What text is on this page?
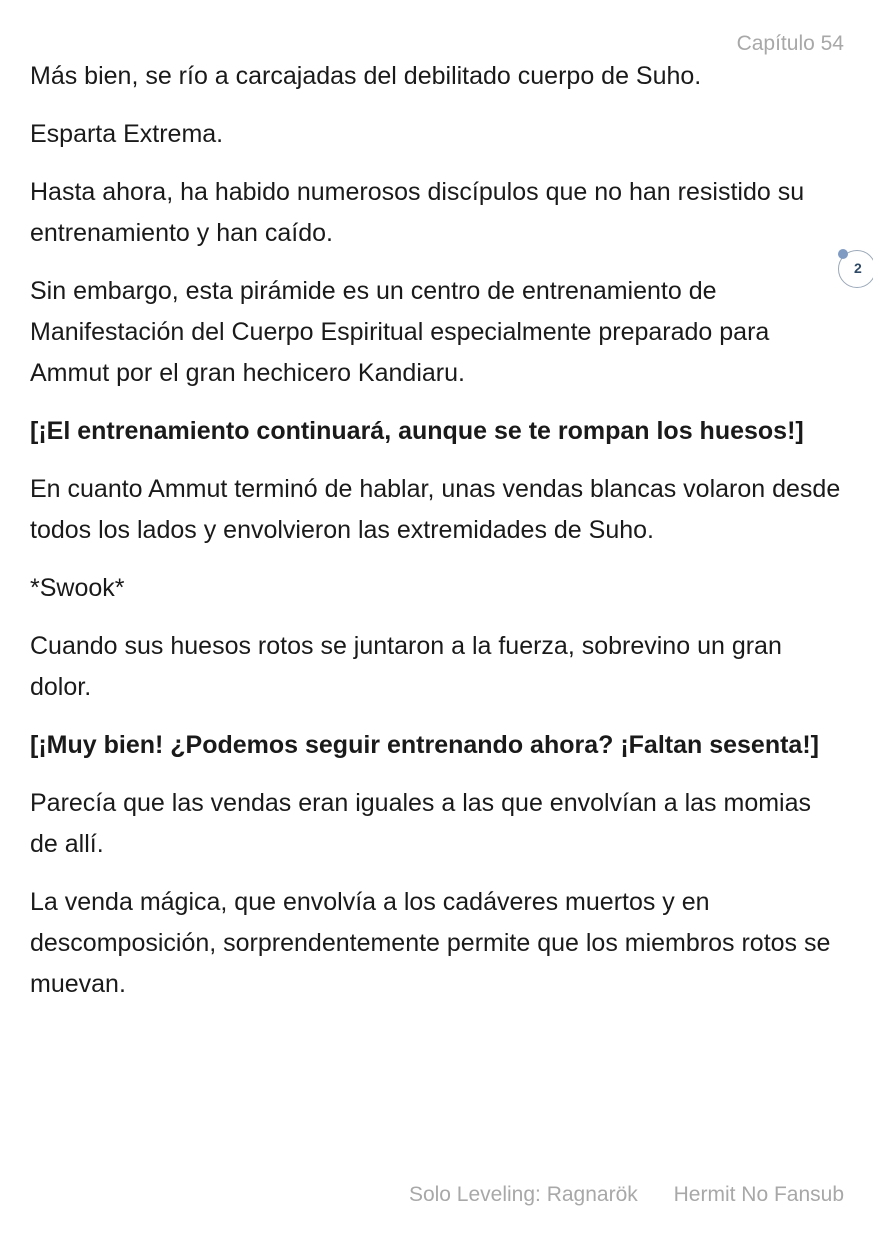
Capítulo 54

Más bien, se río a carcajadas del debilitado cuerpo de Suho.

Esparta Extrema.

Hasta ahora, ha habido numerosos discípulos que no han resistido su entrenamiento y han caído.

Sin embargo, esta pirámide es un centro de entrenamiento de Manifestación del Cuerpo Espiritual especialmente preparado para Ammut por el gran hechicero Kandiaru.

[¡El entrenamiento continuará, aunque se te rompan los huesos!]

En cuanto Ammut terminó de hablar, unas vendas blancas volaron desde todos los lados y envolvieron las extremidades de Suho.

*Swook*

Cuando sus huesos rotos se juntaron a la fuerza, sobrevino un gran dolor.

[¡Muy bien! ¿Podemos seguir entrenando ahora? ¡Faltan sesenta!]

Parecía que las vendas eran iguales a las que envolvían a las momias de allí.

La venda mágica, que envolvía a los cadáveres muertos y en descomposición, sorprendentemente permite que los miembros rotos se muevan.

2
Solo Leveling: Ragnarök Hermit No Fansub
